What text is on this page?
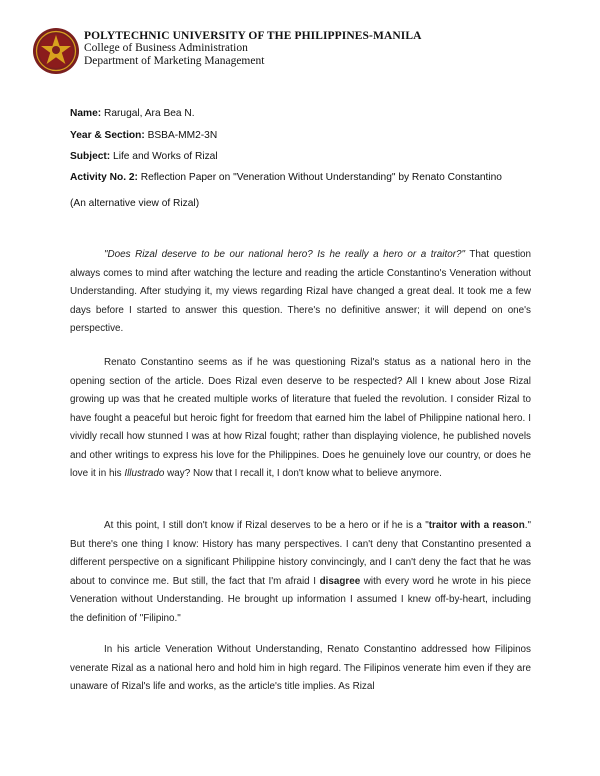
POLYTECHNIC UNIVERSITY OF THE PHILIPPINES-MANILA
College of Business Administration
Department of Marketing Management
Name: Rarugal, Ara Bea N.
Year & Section: BSBA-MM2-3N
Subject: Life and Works of Rizal
Activity No. 2: Reflection Paper on "Veneration Without Understanding" by Renato Constantino
(An alternative view of Rizal)

"Does Rizal deserve to be our national hero? Is he really a hero or a traitor?" That question always comes to mind after watching the lecture and reading the article Constantino's Veneration without Understanding. After studying it, my views regarding Rizal have changed a great deal. It took me a few days before I started to answer this question. There's no definitive answer; it will depend on one's perspective.

Renato Constantino seems as if he was questioning Rizal's status as a national hero in the opening section of the article. Does Rizal even deserve to be respected? All I knew about Jose Rizal growing up was that he created multiple works of literature that fueled the revolution. I consider Rizal to have fought a peaceful but heroic fight for freedom that earned him the label of Philippine national hero. I vividly recall how stunned I was at how Rizal fought; rather than displaying violence, he published novels and other writings to express his love for the Philippines. Does he genuinely love our country, or does he love it in his Illustrado way? Now that I recall it, I don't know what to believe anymore.

At this point, I still don't know if Rizal deserves to be a hero or if he is a "traitor with a reason." But there's one thing I know: History has many perspectives. I can't deny that Constantino presented a different perspective on a significant Philippine history convincingly, and I can't deny the fact that he was about to convince me. But still, the fact that I'm afraid I disagree with every word he wrote in his piece Veneration without Understanding. He brought up information I assumed I knew off-by-heart, including the definition of "Filipino."

In his article Veneration Without Understanding, Renato Constantino addressed how Filipinos venerate Rizal as a national hero and hold him in high regard. The Filipinos venerate him even if they are unaware of Rizal's life and works, as the article's title implies. As Rizal
